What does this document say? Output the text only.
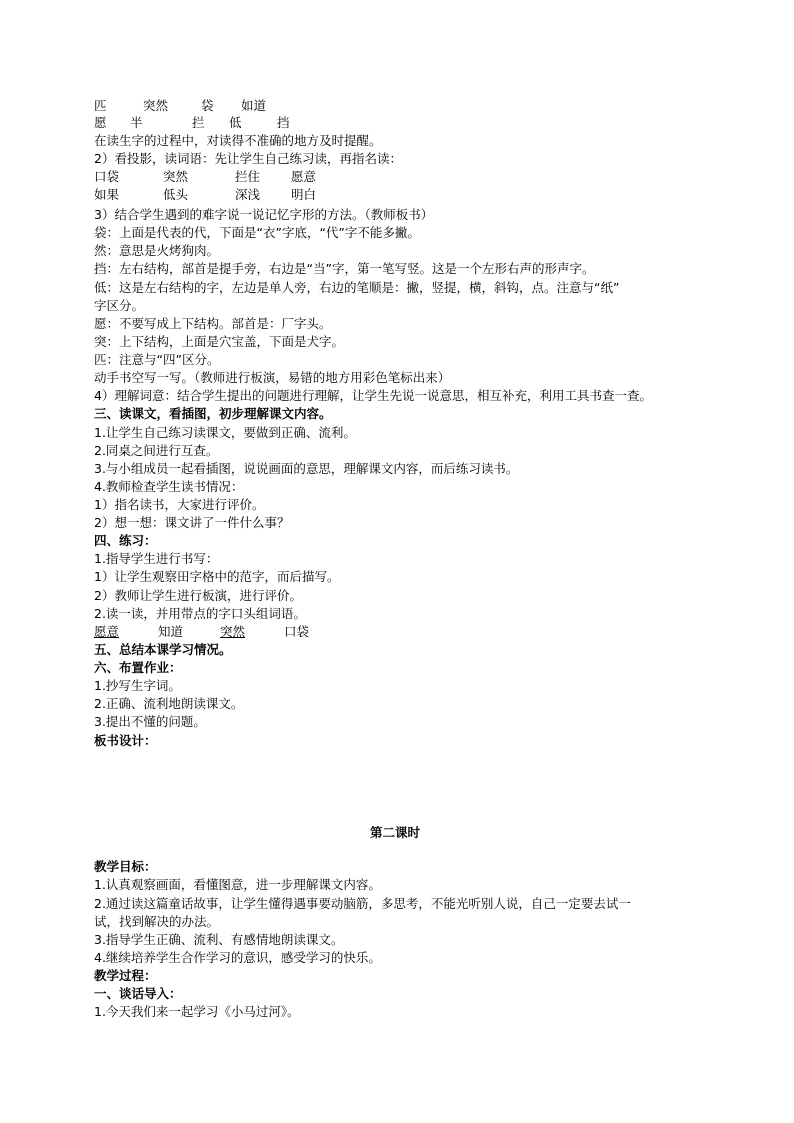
匹	突然	袋 如道
愿 半	拦 低	挡
在读生字的过程中，对读得不准确的地方及时提醒。
2）看投影，读词语：先让学生自己练习读，再指名读：
口袋	突然	拦住 愿意
如果	低头	深浅 明白
3）结合学生遇到的难字说一说记忆字形的方法。（教师板书）
袋：上面是代表的代，下面是“衣”字底，“代”字不能多撇。
然：意思是火烤狗肉。
挡：左右结构，部首是提手旁，右边是“当”字，第一笔写竖。这是一个左形右声的形声字。
低：这是左右结构的字，左边是单人旁，右边的笔顺是：撇，竖提，横，斜钩，点。注意与“纸”
字区分。
愿：不要写成上下结构。部首是：厂字头。
突：上下结构，上面是穴宝盖，下面是犬字。
匹：注意与“四”区分。
动手书空写一写。（教师进行板演，易错的地方用彩色笔标出来）
4）理解词意：结合学生提出的问题进行理解，让学生先说一说意思，相互补充，利用工具书查一查。
三、读课文，看插图，初步理解课文内容。
1.让学生自己练习读课文，要做到正确、流利。
2.同桌之间进行互查。
3.与小组成员一起看插图，说说画面的意思，理解课文内容，而后练习读书。
4.教师检查学生读书情况：
1）指名读书，大家进行评价。
2）想一想：课文讲了一件什么事？
四、练习：
1.指导学生进行书写：
1）让学生观察田字格中的范字，而后描写。
2）教师让学生进行板演，进行评价。
2.读一读，并用带点的字口头组词语。
愿意	知道	突然	口袋
五、总结本课学习情况。
六、布置作业：
1.抄写生字词。
2.正确、流利地朗读课文。
3.提出不懂的问题。
板书设计：
第二课时
教学目标：
1.认真观察画面，看懂图意，进一步理解课文内容。
2.通过读这篇童话故事，让学生懂得遇事要动脑筋，多思考，不能光听别人说，自己一定要去试一
试，找到解决的办法。
3.指导学生正确、流利、有感情地朗读课文。
4.继续培养学生合作学习的意识，感受学习的快乐。
教学过程：
一、谈话导入：
1.今天我们来一起学习《小马过河》。
